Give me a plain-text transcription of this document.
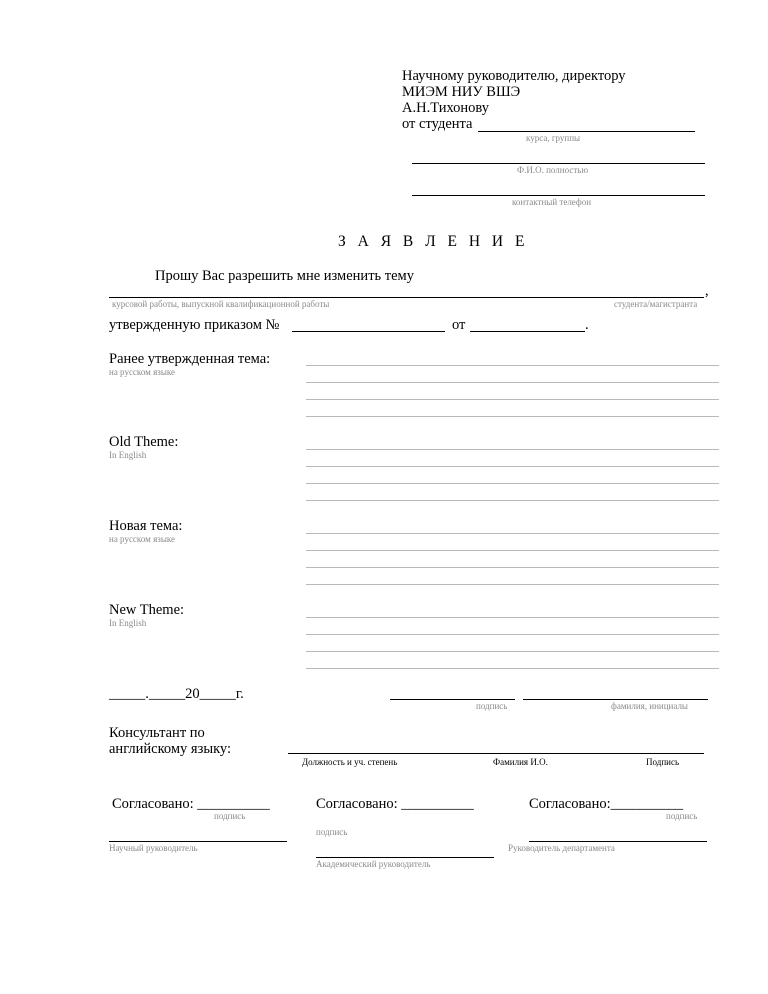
Научному руководителю, директору
МИЭМ НИУ ВШЭ
А.Н.Тихонову
от студента
курса, группы
Ф.И.О. полностью
контактный телефон
З А Я В Л Е Н И Е
Прошу Вас разрешить мне изменить тему
,
курсовой работы, выпускной квалификационной работы	студента/магистранта
утвержденную приказом №	от	.
Ранее утвержденная тема:
на русском языке
Old Theme:
In English
Новая тема:
на русском языке
New Theme:
In English
_____._____20_____г.
подпись	фамилия, инициалы
Консультант по
английскому языку:
Должность и уч. степень	Фамилия И.О.	Подпись
Согласовано: __________
подпись
Научный руководитель
Согласовано: __________
подпись
Академический руководитель
Согласовано:__________
подпись
Руководитель департамента
